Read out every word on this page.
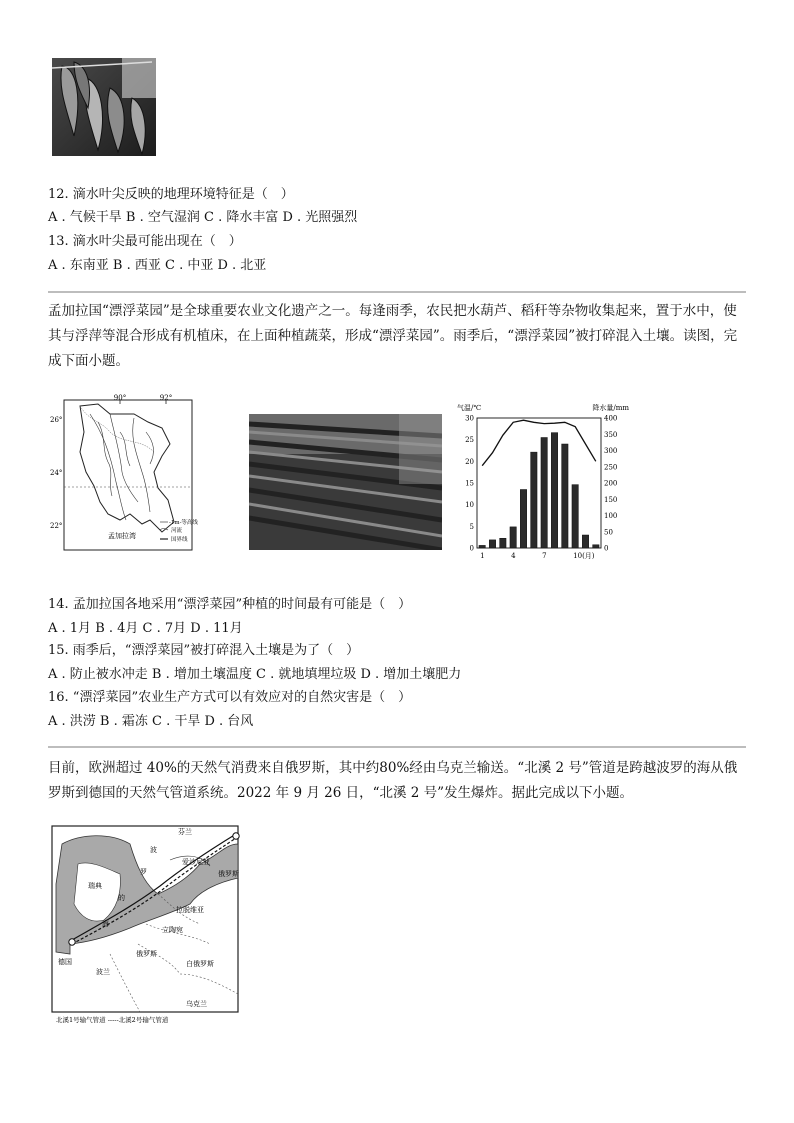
12. 滴水叶尖反映的地理环境特征是（　）
A . 气候干旱 B . 空气湿润 C . 降水丰富 D . 光照强烈
13. 滴水叶尖最可能出现在（　）
A . 东南亚 B . 西亚 C . 中亚 D . 北亚
孟加拉国“漂浮菜园”是全球重要农业文化遗产之一。每逢雨季，农民把水葫芦、稻秆等杂物收集起来，置于水中，使其与浮萍等混合形成有机植床，在上面种植蔬菜，形成“漂浮菜园”。雨季后，“漂浮菜园”被打碎混入土壤。读图，完成下面小题。
90°	92°
26°
24°
22°
孟加拉湾
-1m-等高线
河流
国界线
气温/℃	降水量/mm
30
25
20
15
10
5
0
400
350
300
250
200
150
100
50
0
1	4	7	10(月)
14. 孟加拉国各地采用“漂浮菜园”种植的时间最有可能是（　）
A . 1月 B . 4月 C . 7月 D . 11月
15. 雨季后，“漂浮菜园”被打碎混入土壤是为了（　）
A . 防止被水冲走 B . 增加土壤温度 C . 就地填埋垃圾 D . 增加土壤肥力
16. “漂浮菜园”农业生产方式可以有效应对的自然灾害是（　）
A . 洪涝 B . 霜冻 C . 干旱 D . 台风
目前，欧洲超过 40%的天然气消费来自俄罗斯，其中约80%经由乌克兰输送。“北溪 2 号”管道是跨越波罗的海从俄罗斯到德国的天然气管道系统。2022 年 9 月 26 日，“北溪 2 号”发生爆炸。据此完成以下小题。
芬兰
瑞典
波
罗
的
海
爱沙尼亚
俄罗斯
拉脱维亚
立陶宛
俄罗斯
白俄罗斯
波兰
德国
乌克兰
北溪1号输气管道 -----北溪2号输气管道
